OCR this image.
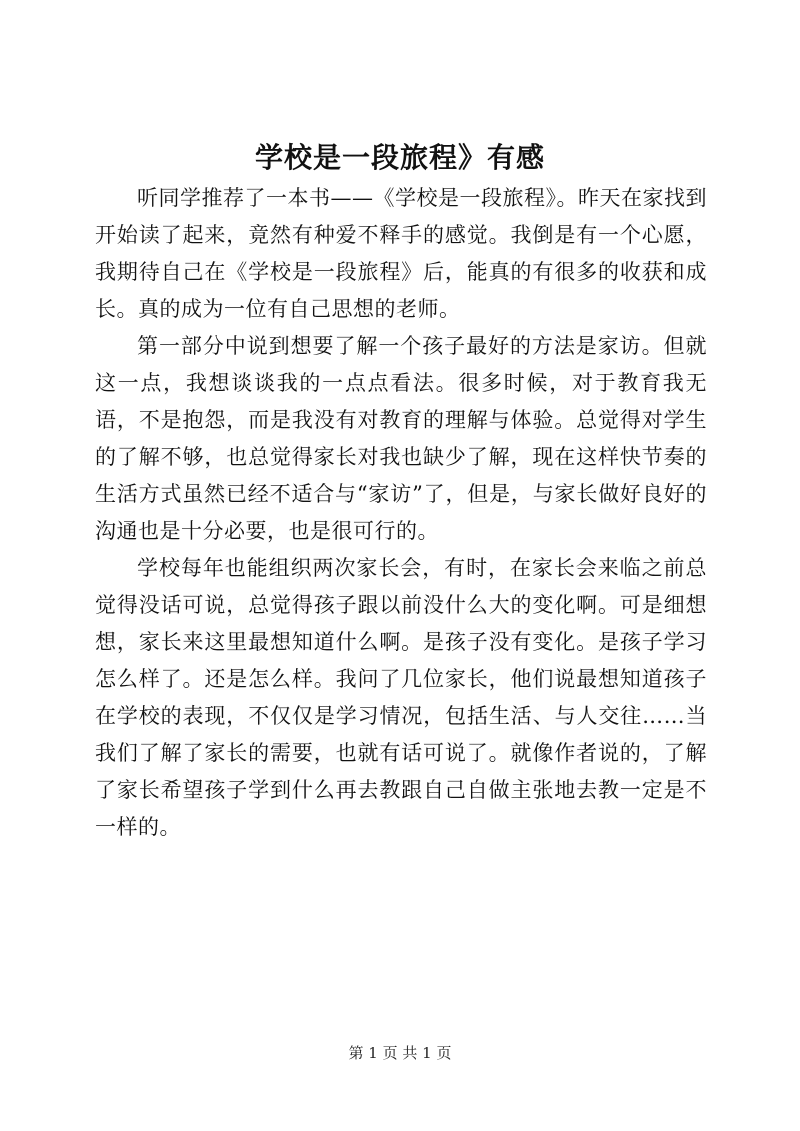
学校是一段旅程》有感

听同学推荐了一本书——《学校是一段旅程》。昨天在家找到开始读了起来，竟然有种爱不释手的感觉。我倒是有一个心愿，我期待自己在《学校是一段旅程》后，能真的有很多的收获和成长。真的成为一位有自己思想的老师。

第一部分中说到想要了解一个孩子最好的方法是家访。但就这一点，我想谈谈我的一点点看法。很多时候，对于教育我无语，不是抱怨，而是我没有对教育的理解与体验。总觉得对学生的了解不够，也总觉得家长对我也缺少了解，现在这样快节奏的生活方式虽然已经不适合与“家访”了，但是，与家长做好良好的沟通也是十分必要，也是很可行的。

学校每年也能组织两次家长会，有时，在家长会来临之前总觉得没话可说，总觉得孩子跟以前没什么大的变化啊。可是细想想，家长来这里最想知道什么啊。是孩子没有变化。是孩子学习怎么样了。还是怎么样。我问了几位家长，他们说最想知道孩子在学校的表现，不仅仅是学习情况，包括生活、与人交往……当我们了解了家长的需要，也就有话可说了。就像作者说的，了解了家长希望孩子学到什么再去教跟自己自做主张地去教一定是不一样的。

第 1 页 共 1 页
